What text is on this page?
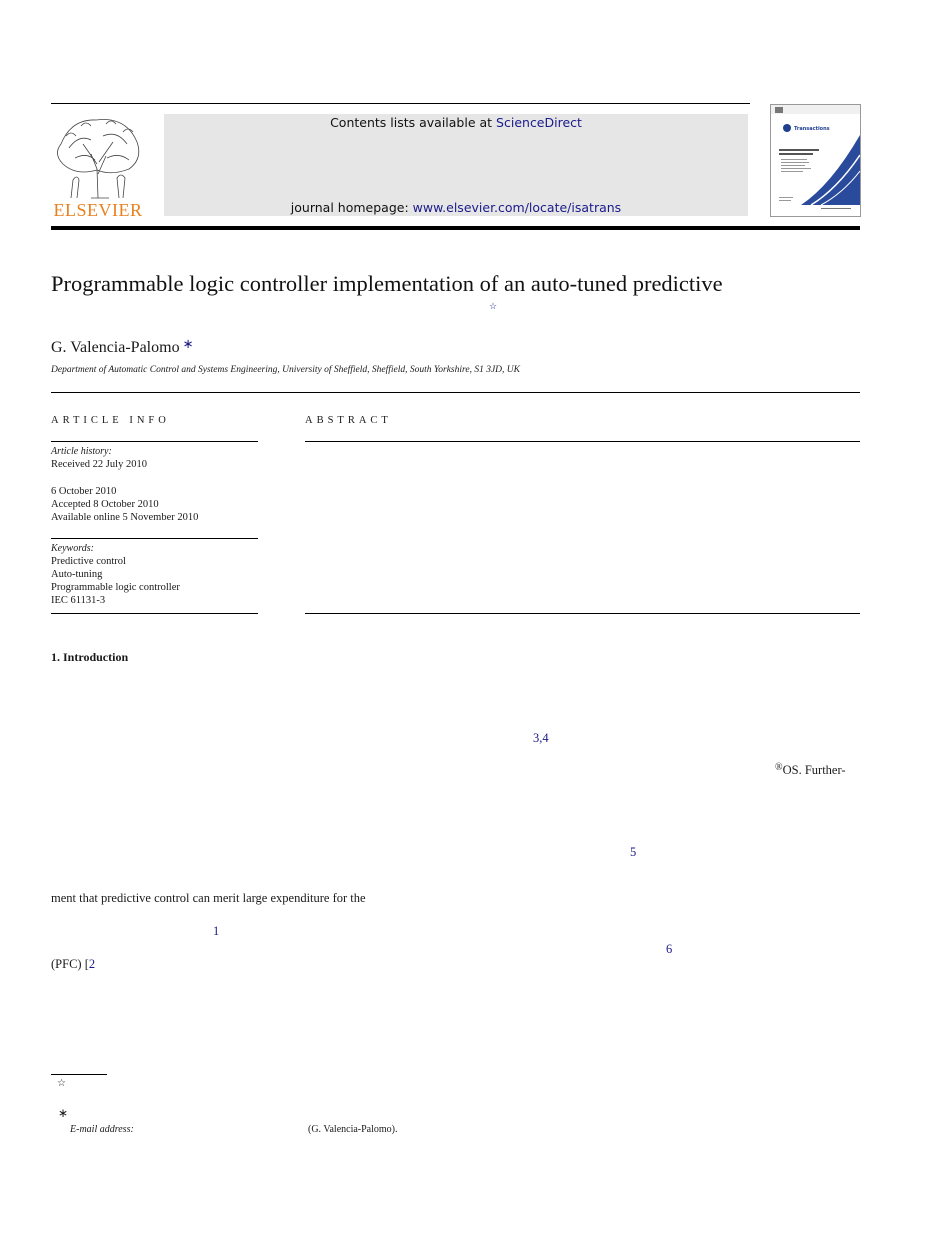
ELSEVIER
Contents lists available at ScienceDirect
journal homepage: www.elsevier.com/locate/isatrans
Transactions
Programmable logic controller implementation of an auto-tuned predictive
☆
G. Valencia-Palomo ∗
Department of Automatic Control and Systems Engineering, University of Sheffield, Sheffield, South Yorkshire, S1 3JD, UK
ARTICLE INFO
Article history:
Received 22 July 2010
6 October 2010
Accepted 8 October 2010
Available online 5 November 2010
Keywords:
Predictive control
Auto-tuning
Programmable logic controller
IEC 61131-3
ABSTRACT
1. Introduction
3,4
®OS. Further-
5
ment that predictive control can merit large expenditure for the
1
6
(PFC) [2
☆
∗
E-mail address:	(G. Valencia-Palomo).
